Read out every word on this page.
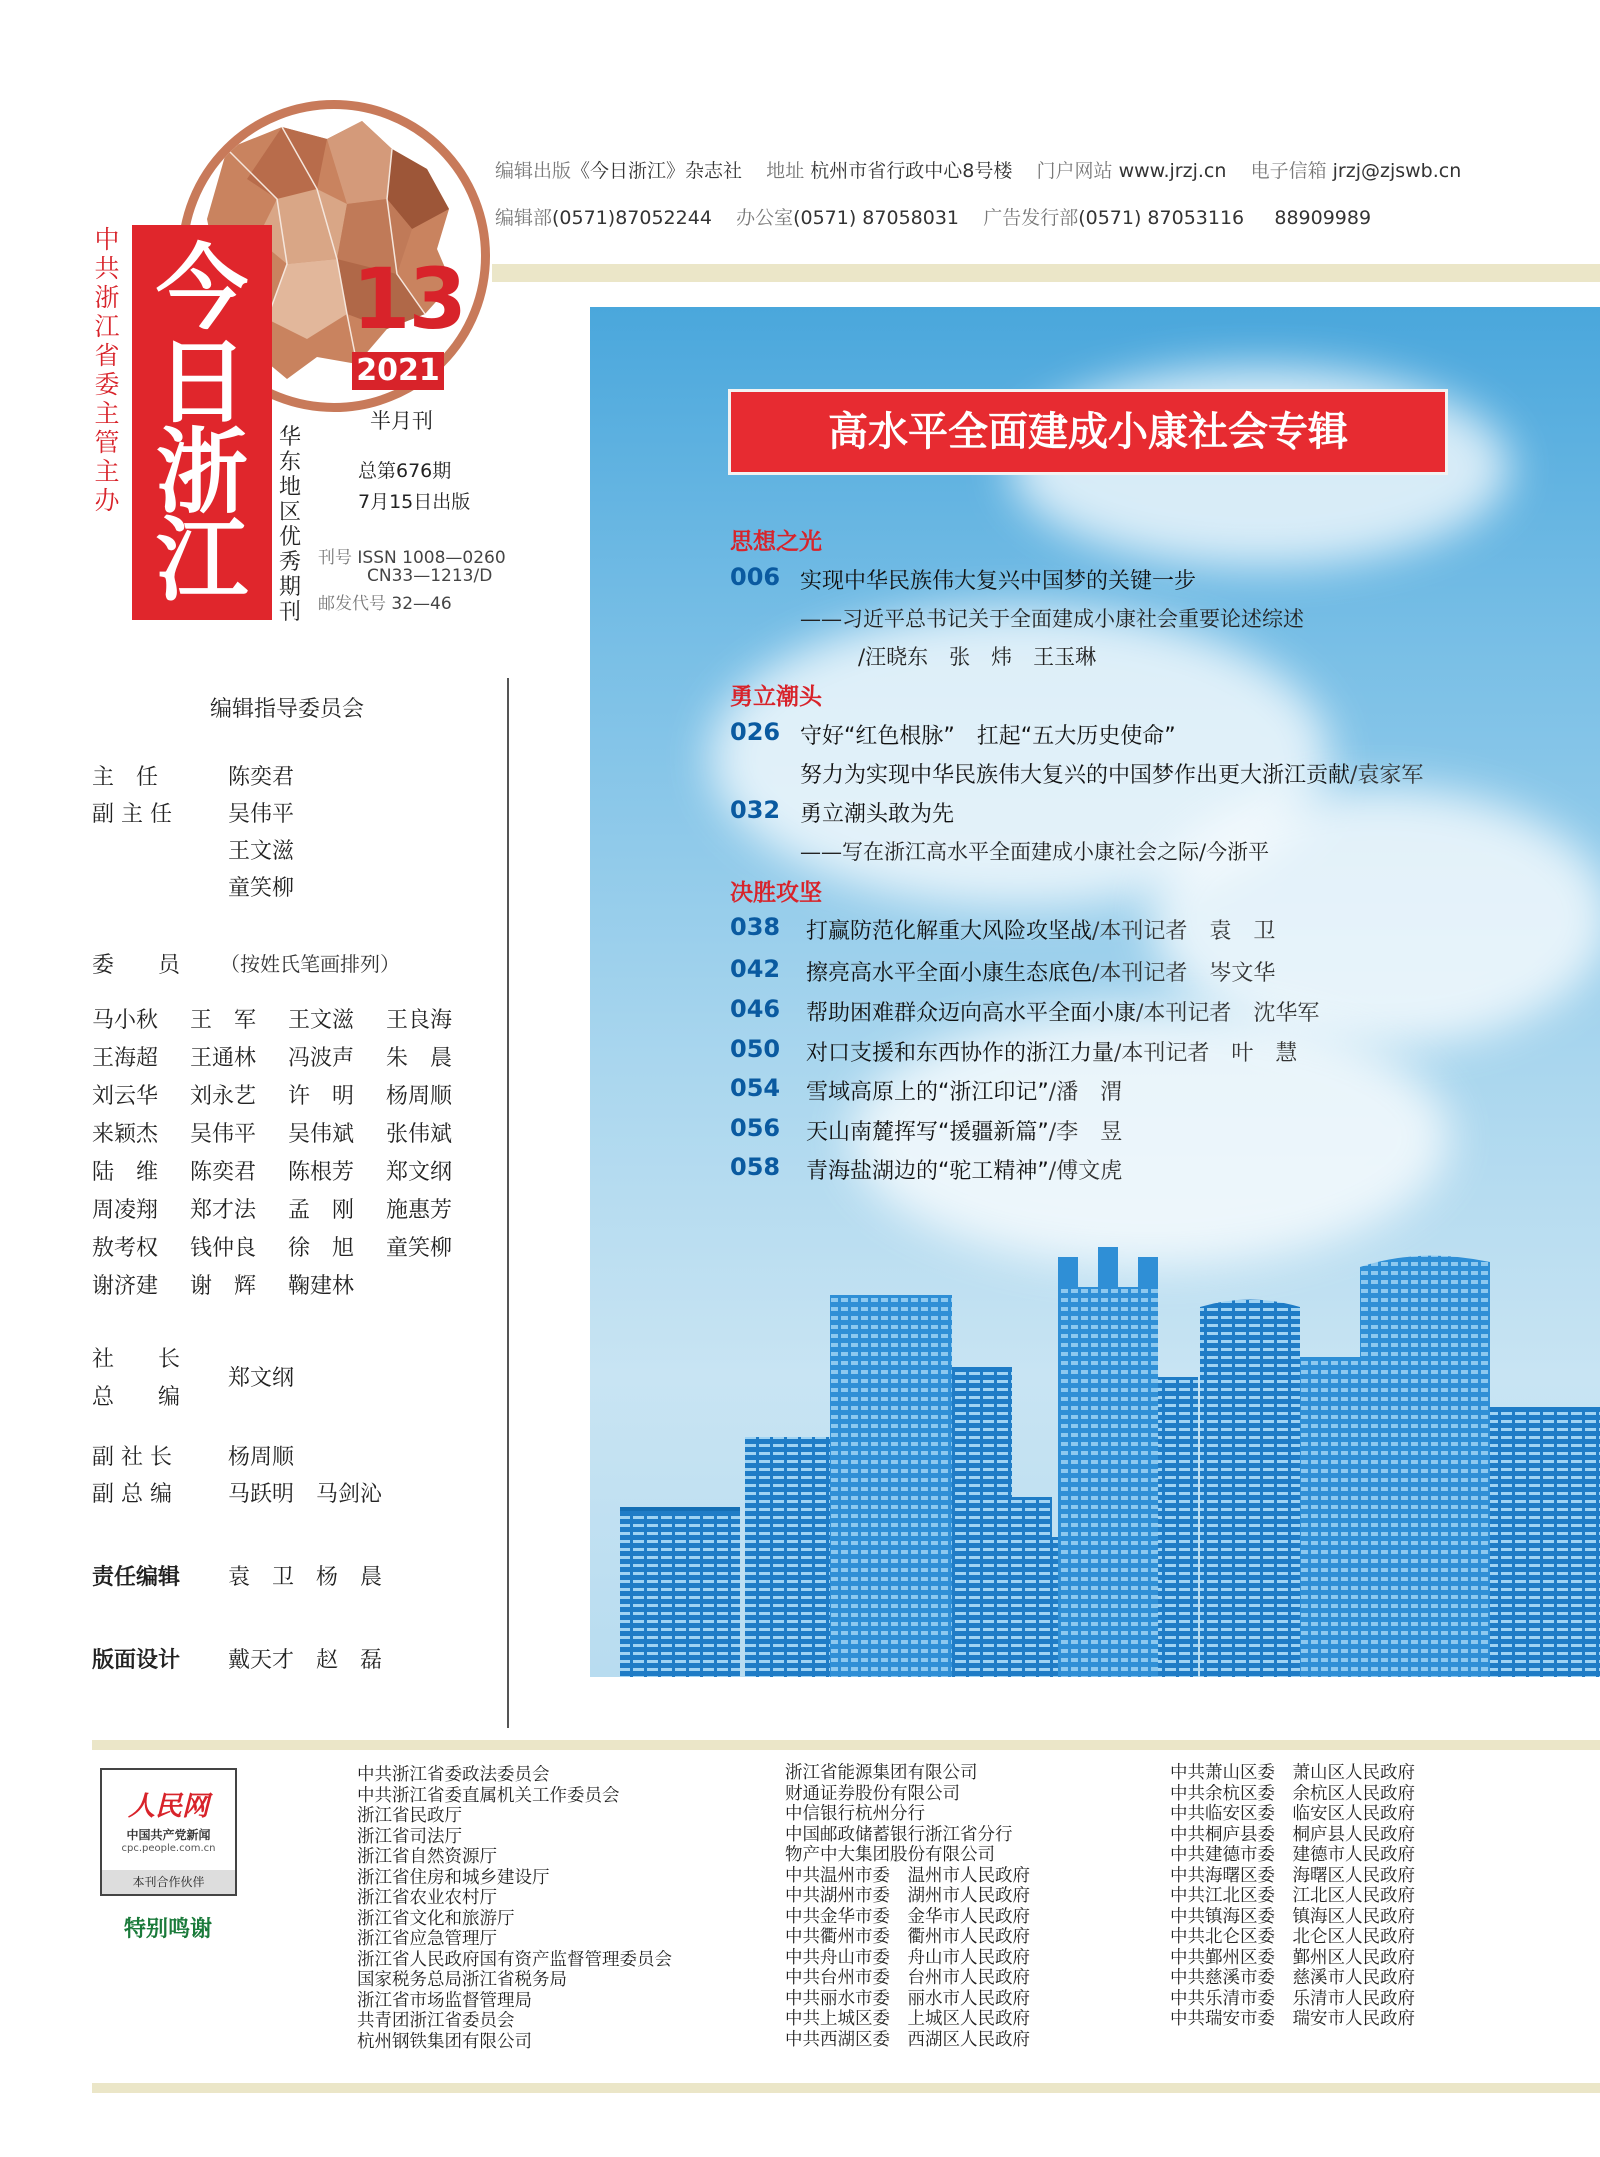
中共浙江省委主管主办
今
日
浙
江
13
2021
半月刊
华东地区优秀期刊
总第676期
7月15日出版
刊号 ISSN 1008—0260
CN33—1213/D
邮发代号 32—46
编辑出版《今日浙江》杂志社 地址 杭州市省行政中心8号楼 门户网站 www.jrzj.cn 电子信箱 jrzj@zjswb.cn
编辑部(0571)87052244 办公室(0571) 87058031 广告发行部(0571) 87053116 88909989
编辑指导委员会
主　任	陈奕君
副 主 任	吴伟平
王文滋
童笑柳
委　　员 （按姓氏笔画排列）
马小秋	王　军	王文滋	王良海
王海超	王通林	冯波声	朱　晨
刘云华	刘永艺	许　明	杨周顺
来颖杰	吴伟平	吴伟斌	张伟斌
陆　维	陈奕君	陈根芳	郑文纲
周凌翔	郑才法	孟　刚	施惠芳
敖考权	钱仲良	徐　旭	童笑柳
谢济建	谢　辉	鞠建林
社　　长
总　　编
郑文纲
副 社 长	杨周顺
副 总 编	马跃明　马剑沁
责任编辑 袁　卫　杨　晨
版面设计 戴天才　赵　磊
高水平全面建成小康社会专辑
思想之光
勇立潮头
决胜攻坚
006 实现中华民族伟大复兴中国梦的关键一步
——习近平总书记关于全面建成小康社会重要论述综述
/汪晓东　张　炜　王玉琳
026 守好“红色根脉”　扛起“五大历史使命”
努力为实现中华民族伟大复兴的中国梦作出更大浙江贡献/袁家军
032 勇立潮头敢为先
——写在浙江高水平全面建成小康社会之际/今浙平
038 打赢防范化解重大风险攻坚战/本刊记者　袁　卫
042 擦亮高水平全面小康生态底色/本刊记者　岑文华
046 帮助困难群众迈向高水平全面小康/本刊记者　沈华军
050 对口支援和东西协作的浙江力量/本刊记者　叶　慧
054 雪域高原上的“浙江印记”/潘　渭
056 天山南麓挥写“援疆新篇”/李　昱
058 青海盐湖边的“驼工精神”/傅文虎
人民网
中国共产党新闻
cpc.people.com.cn
本刊合作伙伴
特别鸣谢
中共浙江省委政法委员会
中共浙江省委直属机关工作委员会
浙江省民政厅
浙江省司法厅
浙江省自然资源厅
浙江省住房和城乡建设厅
浙江省农业农村厅
浙江省文化和旅游厅
浙江省应急管理厅
浙江省人民政府国有资产监督管理委员会
国家税务总局浙江省税务局
浙江省市场监督管理局
共青团浙江省委员会
杭州钢铁集团有限公司
浙江省能源集团有限公司
财通证券股份有限公司
中信银行杭州分行
中国邮政储蓄银行浙江省分行
物产中大集团股份有限公司
中共温州市委　温州市人民政府
中共湖州市委　湖州市人民政府
中共金华市委　金华市人民政府
中共衢州市委　衢州市人民政府
中共舟山市委　舟山市人民政府
中共台州市委　台州市人民政府
中共丽水市委　丽水市人民政府
中共上城区委　上城区人民政府
中共西湖区委　西湖区人民政府
中共萧山区委　萧山区人民政府
中共余杭区委　余杭区人民政府
中共临安区委　临安区人民政府
中共桐庐县委　桐庐县人民政府
中共建德市委　建德市人民政府
中共海曙区委　海曙区人民政府
中共江北区委　江北区人民政府
中共镇海区委　镇海区人民政府
中共北仑区委　北仑区人民政府
中共鄞州区委　鄞州区人民政府
中共慈溪市委　慈溪市人民政府
中共乐清市委　乐清市人民政府
中共瑞安市委　瑞安市人民政府
